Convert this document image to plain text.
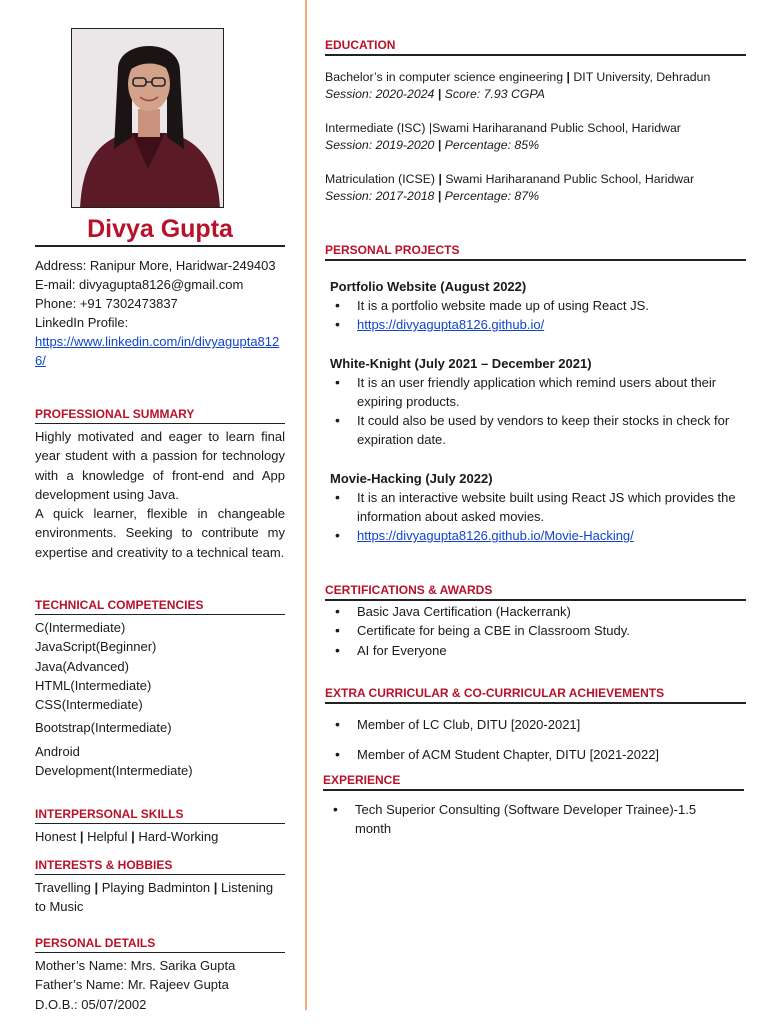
Divya Gupta
Address: Ranipur More, Haridwar-249403
E-mail: divyagupta8126@gmail.com
Phone: +91 7302473837
LinkedIn Profile:
https://www.linkedin.com/in/divyagupta8126/
PROFESSIONAL SUMMARY
Highly motivated and eager to learn final year student with a passion for technology with a knowledge of front-end and App development using Java.
A quick learner, flexible in changeable environments. Seeking to contribute my expertise and creativity to a technical team.
TECHNICAL COMPETENCIES
C(Intermediate)
JavaScript(Beginner)
Java(Advanced)
HTML(Intermediate)
CSS(Intermediate)
Bootstrap(Intermediate)
Android Development(Intermediate)
INTERPERSONAL SKILLS
Honest | Helpful | Hard-Working
INTERESTS & HOBBIES
Travelling | Playing Badminton | Listening to Music
PERSONAL DETAILS
Mother’s Name: Mrs. Sarika Gupta
Father’s Name: Mr. Rajeev Gupta
D.O.B.: 05/07/2002
EDUCATION
Bachelor’s in computer science engineering | DIT University, Dehradun
Session: 2020-2024 | Score: 7.93 CGPA
Intermediate (ISC) |Swami Hariharanand Public School, Haridwar
Session: 2019-2020 | Percentage: 85%
Matriculation (ICSE) | Swami Hariharanand Public School, Haridwar
Session: 2017-2018 | Percentage: 87%
PERSONAL PROJECTS
Portfolio Website (August 2022)
• It is a portfolio website made up of using React JS.
• https://divyagupta8126.github.io/
White-Knight (July 2021 – December 2021)
• It is an user friendly application which remind users about their expiring products.
• It could also be used by vendors to keep their stocks in check for expiration date.
Movie-Hacking (July 2022)
• It is an interactive website built using React JS which provides the information about asked movies.
• https://divyagupta8126.github.io/Movie-Hacking/
CERTIFICATIONS & AWARDS
• Basic Java Certification (Hackerrank)
• Certificate for being a CBE in Classroom Study.
• AI for Everyone
EXTRA CURRICULAR & CO-CURRICULAR ACHIEVEMENTS
• Member of LC Club, DITU [2020-2021]
• Member of ACM Student Chapter, DITU [2021-2022]
EXPERIENCE
• Tech Superior Consulting (Software Developer Trainee)-1.5 month
